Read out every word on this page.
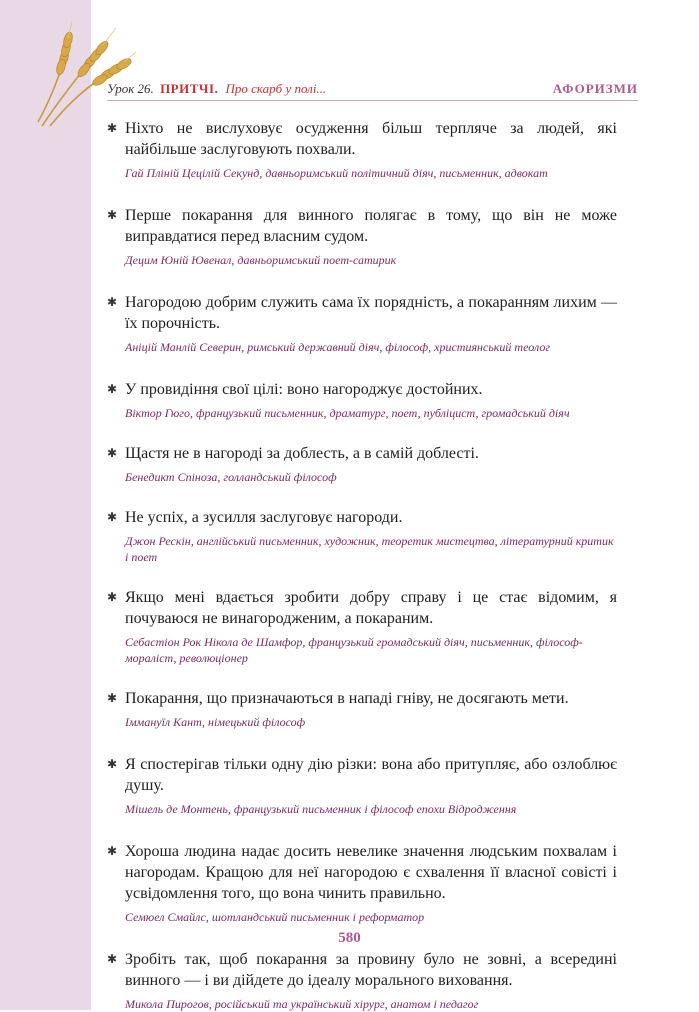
Урок 26. ПРИТЧІ. Про скарб у полі...	АФОРИЗМИ
✱ Ніхто не вислуховує осудження більш терпляче за людей, які найбільше заслуговують похвали.
Гай Пліній Цецілій Секунд, давньоримський політичний діяч, письменник, адвокат
✱ Перше покарання для винного полягає в тому, що він не може виправдатися перед власним судом.
Децим Юній Ювенал, давньоримський поет-сатирик
✱ Нагородою добрим служить сама їх порядність, а покаранням лихим — їх порочність.
Аніцій Манлій Северин, римський державний діяч, філософ, християнський теолог
✱ У провидіння свої цілі: воно нагороджує достойних.
Віктор Гюго, французький письменник, драматург, поет, публіцист, громадський діяч
✱ Щастя не в нагороді за доблесть, а в самій доблесті.
Бенедикт Спіноза, голландський філософ
✱ Не успіх, а зусилля заслуговує нагороди.
Джон Рескін, англійський письменник, художник, теоретик мистецтва, літературний критик і поет
✱ Якщо мені вдається зробити добру справу і це стає відомим, я почуваюся не винагородженим, а покараним.
Себастіон Рок Нікола де Шамфор, французький громадський діяч, письменник, філософ-мораліст, революціонер
✱ Покарання, що призначаються в нападі гніву, не досягають мети.
Іммануїл Кант, німецький філософ
✱ Я спостерігав тільки одну дію різки: вона або притупляє, або озлоблює душу.
Мішель де Монтень, французький письменник і філософ епохи Відродження
✱ Хороша людина надає досить невелике значення людським похвалам і нагородам. Кращою для неї нагородою є схвалення її власної совісті і усвідомлення того, що вона чинить правильно.
Семюел Смайлс, шотландський письменник і реформатор
✱ Зробіть так, щоб покарання за провину було не зовні, а всередині винного — і ви дійдете до ідеалу морального виховання.
Микола Пирогов, російський та український хірург, анатом і педагог
580
